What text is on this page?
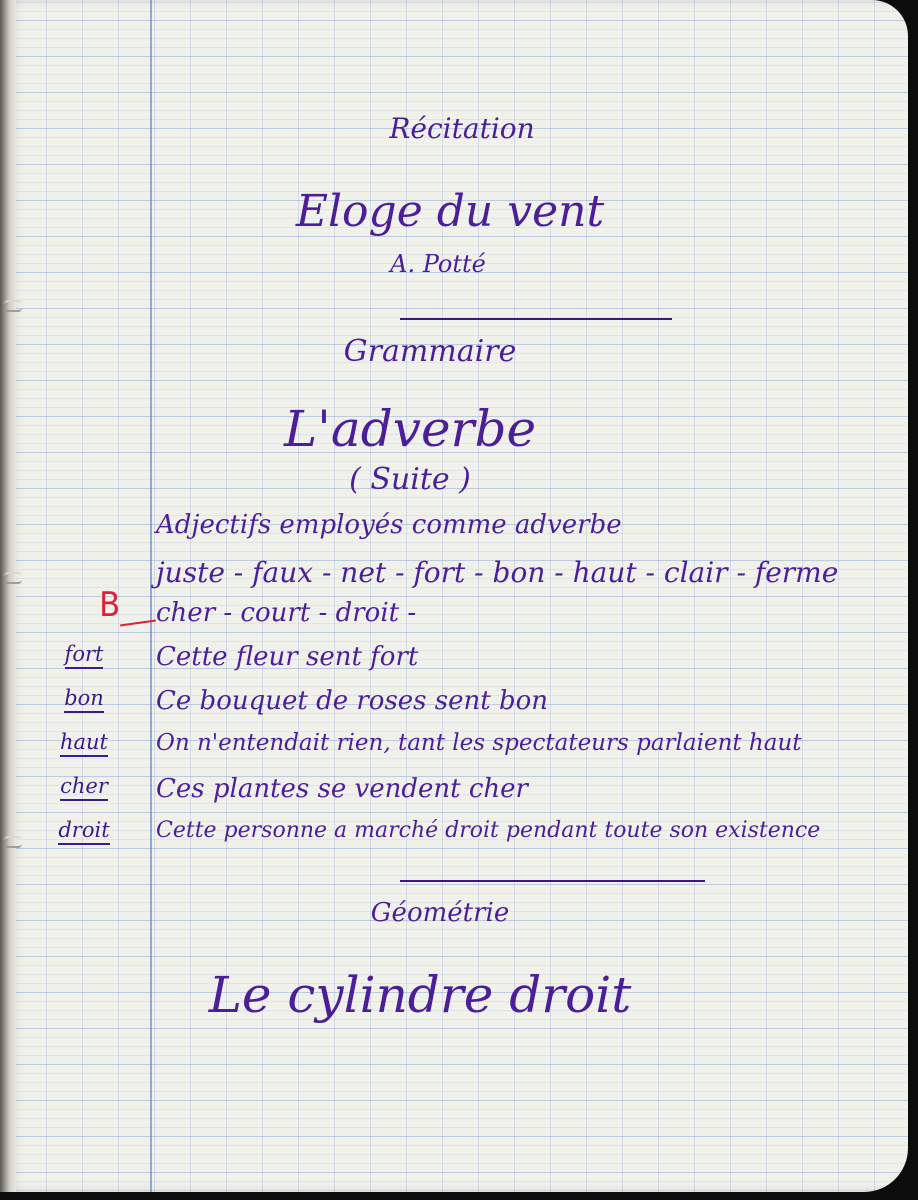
Récitation
Eloge du vent
A. Potté
Grammaire
L'adverbe
( Suite )
Adjectifs employés comme adverbe
juste - faux - net - fort - bon - haut - clair - ferme
cher - court - droit -
Cette fleur sent fort
Ce bouquet de roses sent bon
On n'entendait rien, tant les spectateurs parlaient haut
Ces plantes se vendent cher
Cette personne a marché droit pendant toute son existence
fort
bon
haut
cher
droit
B
Géométrie
Le cylindre droit
